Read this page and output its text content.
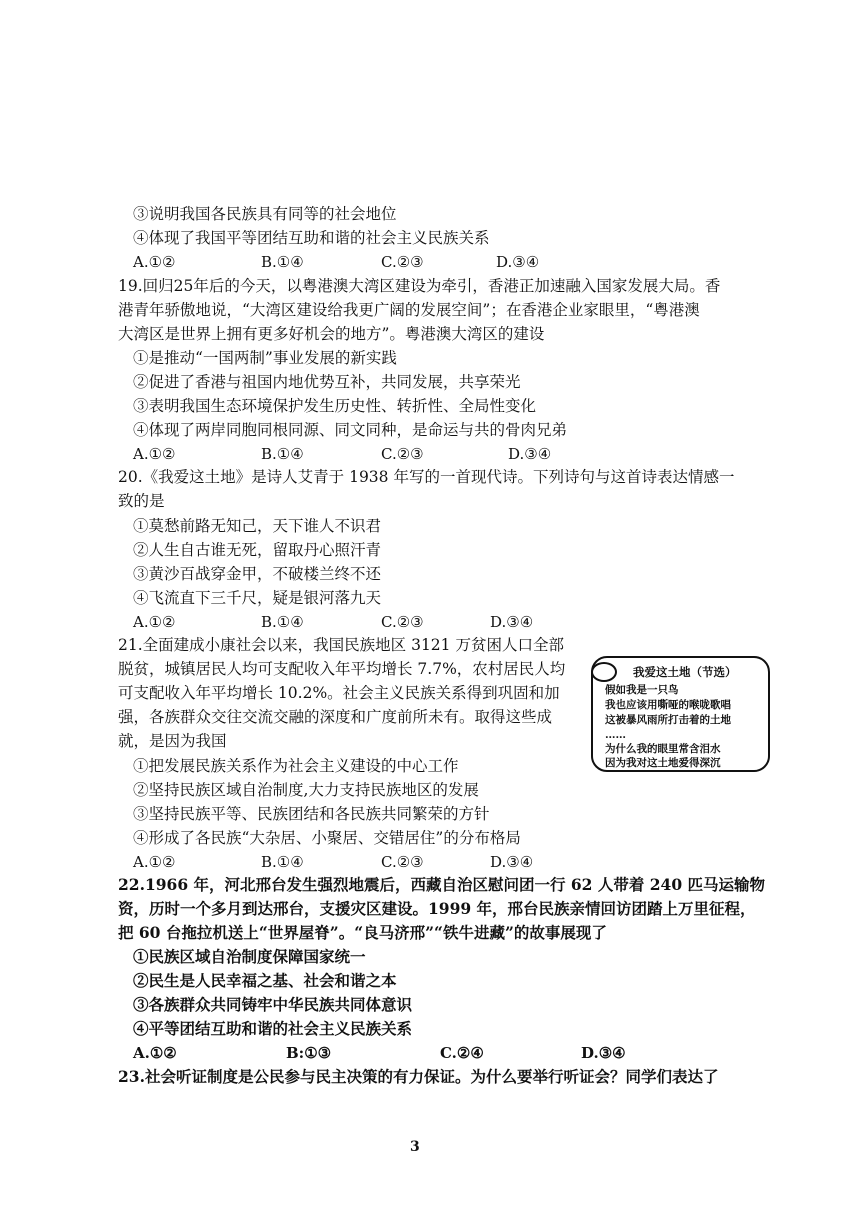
③说明我国各民族具有同等的社会地位
④体现了我国平等团结互助和谐的社会主义民族关系
A.①②	B.①④	C.②③	D.③④
19.回归25年后的今天，以粤港澳大湾区建设为牵引，香港正加速融入国家发展大局。香
港青年骄傲地说，“大湾区建设给我更广阔的发展空间”；在香港企业家眼里，“粤港澳
大湾区是世界上拥有更多好机会的地方”。粤港澳大湾区的建设
①是推动“一国两制”事业发展的新实践
②促进了香港与祖国内地优势互补，共同发展，共享荣光
③表明我国生态环境保护发生历史性、转折性、全局性变化
④体现了两岸同胞同根同源、同文同种，是命运与共的骨肉兄弟
A.①②	B.①④	C.②③	D.③④
20.《我爱这土地》是诗人艾青于 1938 年写的一首现代诗。下列诗句与这首诗表达情感一
致的是
①莫愁前路无知己，天下谁人不识君
②人生自古谁无死，留取丹心照汗青
③黄沙百战穿金甲，不破楼兰终不还
④飞流直下三千尺，疑是银河落九天
A.①②	B.①④	C.②③	D.③④
21.全面建成小康社会以来，我国民族地区 3121 万贫困人口全部
脱贫，城镇居民人均可支配收入年平均增长 7.7%，农村居民人均
可支配收入年平均增长 10.2%。社会主义民族关系得到巩固和加
强，各族群众交往交流交融的深度和广度前所未有。取得这些成
就，是因为我国
①把发展民族关系作为社会主义建设的中心工作
②坚持民族区域自治制度,大力支持民族地区的发展
③坚持民族平等、民族团结和各民族共同繁荣的方针
④形成了各民族“大杂居、小聚居、交错居住”的分布格局
A.①②	B.①④	C.②③	D.③④
我爱这土地（节选）
假如我是一只鸟
我也应该用嘶哑的喉咙歌唱
这被暴风雨所打击着的土地
……
为什么我的眼里常含泪水
因为我对这土地爱得深沉
22.1966 年，河北邢台发生强烈地震后，西藏自治区慰问团一行 62 人带着 240 匹马运输物
资，历时一个多月到达邢台，支援灾区建设。1999 年，邢台民族亲情回访团踏上万里征程，
把 60 台拖拉机送上“世界屋脊”。“良马济邢”“铁牛进藏”的故事展现了
①民族区域自治制度保障国家统一
②民生是人民幸福之基、社会和谐之本
③各族群众共同铸牢中华民族共同体意识
④平等团结互助和谐的社会主义民族关系
A.①②	B:①③	C.②④	D.③④
23.社会听证制度是公民参与民主决策的有力保证。为什么要举行听证会？同学们表达了
3
